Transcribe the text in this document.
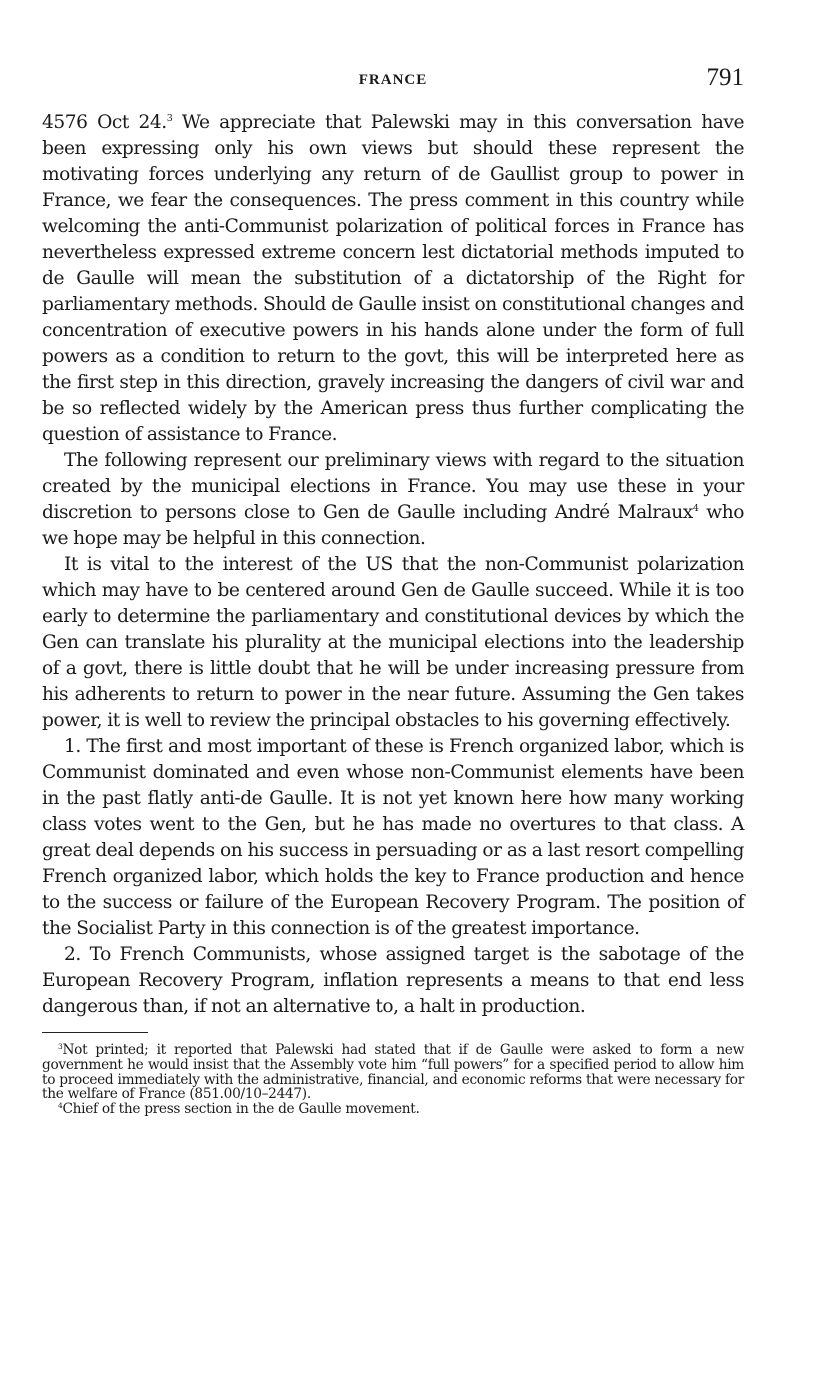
FRANCE	791

4576 Oct 24.$^3$ We appreciate that Palewski may in this conversation have been expressing only his own views but should these represent the motivating forces underlying any return of de Gaullist group to power in France, we fear the consequences. The press comment in this country while welcoming the anti-Communist polarization of political forces in France has nevertheless expressed extreme concern lest dictatorial methods imputed to de Gaulle will mean the substitution of a dictatorship of the Right for parliamentary methods. Should de Gaulle insist on constitutional changes and concentration of executive powers in his hands alone under the form of full powers as a condition to return to the govt, this will be interpreted here as the first step in this direction, gravely increasing the dangers of civil war and be so reflected widely by the American press thus further complicating the question of assistance to France.

The following represent our preliminary views with regard to the situation created by the municipal elections in France. You may use these in your discretion to persons close to Gen de Gaulle including André Malraux$^4$ who we hope may be helpful in this connection.

It is vital to the interest of the US that the non-Communist polarization which may have to be centered around Gen de Gaulle succeed. While it is too early to determine the parliamentary and constitutional devices by which the Gen can translate his plurality at the municipal elections into the leadership of a govt, there is little doubt that he will be under increasing pressure from his adherents to return to power in the near future. Assuming the Gen takes power, it is well to review the principal obstacles to his governing effectively.

1. The first and most important of these is French organized labor, which is Communist dominated and even whose non-Communist elements have been in the past flatly anti-de Gaulle. It is not yet known here how many working class votes went to the Gen, but he has made no overtures to that class. A great deal depends on his success in persuading or as a last resort compelling French organized labor, which holds the key to France production and hence to the success or failure of the European Recovery Program. The position of the Socialist Party in this connection is of the greatest importance.

2. To French Communists, whose assigned target is the sabotage of the European Recovery Program, inflation represents a means to that end less dangerous than, if not an alternative to, a halt in production.

$^3$Not printed; it reported that Palewski had stated that if de Gaulle were asked to form a new government he would insist that the Assembly vote him “full powers” for a specified period to allow him to proceed immediately with the administrative, financial, and economic reforms that were necessary for the welfare of France (851.00/10–2447).

$^4$Chief of the press section in the de Gaulle movement.
